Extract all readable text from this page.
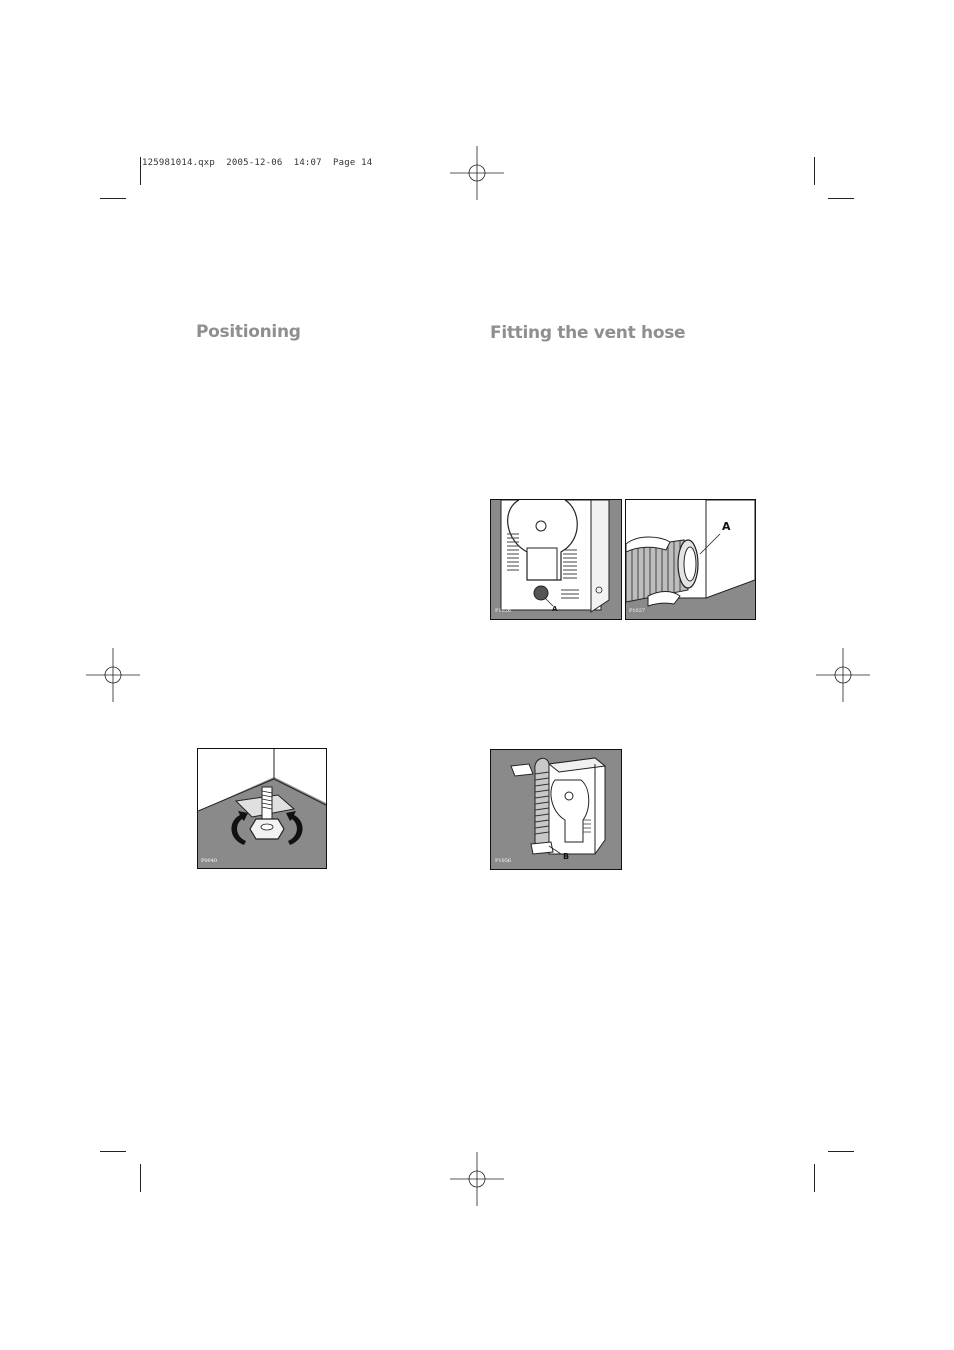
125981014.qxp  2005-12-06  14:07  Page 14
Positioning	Fitting the vent hose
P1026	A	P1027
A
P0040	P1056	B
